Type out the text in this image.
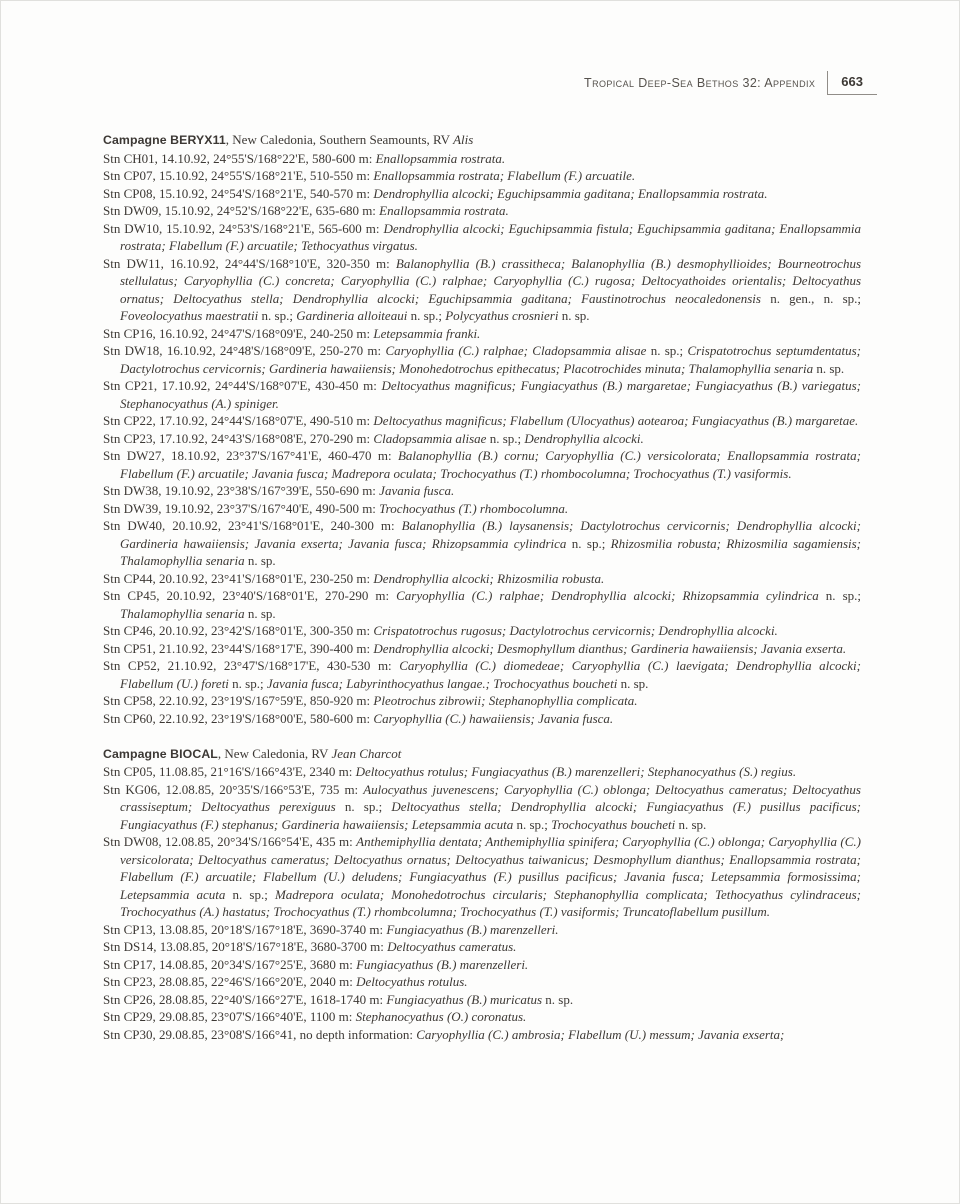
Tropical Deep-Sea Bethos 32: Appendix	663

Campagne BERYX11, New Caledonia, Southern Seamounts, RV Alis

Stn CH01, 14.10.92, 24°55'S/168°22'E, 580-600 m: Enallopsammia rostrata.

Stn CP07, 15.10.92, 24°55'S/168°21'E, 510-550 m: Enallopsammia rostrata; Flabellum (F.) arcuatile.

Stn CP08, 15.10.92, 24°54'S/168°21'E, 540-570 m: Dendrophyllia alcocki; Eguchipsammia gaditana; Enallopsammia rostrata.

Stn DW09, 15.10.92, 24°52'S/168°22'E, 635-680 m: Enallopsammia rostrata.

Stn DW10, 15.10.92, 24°53'S/168°21'E, 565-600 m: Dendrophyllia alcocki; Eguchipsammia fistula; Eguchipsammia gaditana; Enallopsammia rostrata; Flabellum (F.) arcuatile; Tethocyathus virgatus.

Stn DW11, 16.10.92, 24°44'S/168°10'E, 320-350 m: Balanophyllia (B.) crassitheca; Balanophyllia (B.) desmophyllioides; Bourneotrochus stellulatus; Caryophyllia (C.) concreta; Caryophyllia (C.) ralphae; Caryophyllia (C.) rugosa; Deltocyathoides orientalis; Deltocyathus ornatus; Deltocyathus stella; Dendrophyllia alcocki; Eguchipsammia gaditana; Faustinotrochus neocaledonensis n. gen., n. sp.; Foveolocyathus maestratii n. sp.; Gardineria alloiteaui n. sp.; Polycyathus crosnieri n. sp.

Stn CP16, 16.10.92, 24°47'S/168°09'E, 240-250 m: Letepsammia franki.

Stn DW18, 16.10.92, 24°48'S/168°09'E, 250-270 m: Caryophyllia (C.) ralphae; Cladopsammia alisae n. sp.; Crispatotrochus septumdentatus; Dactylotrochus cervicornis; Gardineria hawaiiensis; Monohedotrochus epithecatus; Placotrochides minuta; Thalamophyllia senaria n. sp.

Stn CP21, 17.10.92, 24°44'S/168°07'E, 430-450 m: Deltocyathus magnificus; Fungiacyathus (B.) margaretae; Fungiacyathus (B.) variegatus; Stephanocyathus (A.) spiniger.

Stn CP22, 17.10.92, 24°44'S/168°07'E, 490-510 m: Deltocyathus magnificus; Flabellum (Ulocyathus) aotearoa; Fungiacyathus (B.) margaretae.

Stn CP23, 17.10.92, 24°43'S/168°08'E, 270-290 m: Cladopsammia alisae n. sp.; Dendrophyllia alcocki.

Stn DW27, 18.10.92, 23°37'S/167°41'E, 460-470 m: Balanophyllia (B.) cornu; Caryophyllia (C.) versicolorata; Enallopsammia rostrata; Flabellum (F.) arcuatile; Javania fusca; Madrepora oculata; Trochocyathus (T.) rhombocolumna; Trochocyathus (T.) vasiformis.

Stn DW38, 19.10.92, 23°38'S/167°39'E, 550-690 m: Javania fusca.

Stn DW39, 19.10.92, 23°37'S/167°40'E, 490-500 m: Trochocyathus (T.) rhombocolumna.

Stn DW40, 20.10.92, 23°41'S/168°01'E, 240-300 m: Balanophyllia (B.) laysanensis; Dactylotrochus cervicornis; Dendrophyllia alcocki; Gardineria hawaiiensis; Javania exserta; Javania fusca; Rhizopsammia cylindrica n. sp.; Rhizosmilia robusta; Rhizosmilia sagamiensis; Thalamophyllia senaria n. sp.

Stn CP44, 20.10.92, 23°41'S/168°01'E, 230-250 m: Dendrophyllia alcocki; Rhizosmilia robusta.

Stn CP45, 20.10.92, 23°40'S/168°01'E, 270-290 m: Caryophyllia (C.) ralphae; Dendrophyllia alcocki; Rhizopsammia cylindrica n. sp.; Thalamophyllia senaria n. sp.

Stn CP46, 20.10.92, 23°42'S/168°01'E, 300-350 m: Crispatotrochus rugosus; Dactylotrochus cervicornis; Dendrophyllia alcocki.

Stn CP51, 21.10.92, 23°44'S/168°17'E, 390-400 m: Dendrophyllia alcocki; Desmophyllum dianthus; Gardineria hawaiiensis; Javania exserta.

Stn CP52, 21.10.92, 23°47'S/168°17'E, 430-530 m: Caryophyllia (C.) diomedeae; Caryophyllia (C.) laevigata; Dendrophyllia alcocki; Flabellum (U.) foreti n. sp.; Javania fusca; Labyrinthocyathus langae.; Trochocyathus boucheti n. sp.

Stn CP58, 22.10.92, 23°19'S/167°59'E, 850-920 m: Pleotrochus zibrowii; Stephanophyllia complicata.

Stn CP60, 22.10.92, 23°19'S/168°00'E, 580-600 m: Caryophyllia (C.) hawaiiensis; Javania fusca.

Campagne BIOCAL, New Caledonia, RV Jean Charcot

Stn CP05, 11.08.85, 21°16'S/166°43'E, 2340 m: Deltocyathus rotulus; Fungiacyathus (B.) marenzelleri; Stephanocyathus (S.) regius.

Stn KG06, 12.08.85, 20°35'S/166°53'E, 735 m: Aulocyathus juvenescens; Caryophyllia (C.) oblonga; Deltocyathus cameratus; Deltocyathus crassiseptum; Deltocyathus perexiguus n. sp.; Deltocyathus stella; Dendrophyllia alcocki; Fungiacyathus (F.) pusillus pacificus; Fungiacyathus (F.) stephanus; Gardineria hawaiiensis; Letepsammia acuta n. sp.; Trochocyathus boucheti n. sp.

Stn DW08, 12.08.85, 20°34'S/166°54'E, 435 m: Anthemiphyllia dentata; Anthemiphyllia spinifera; Caryophyllia (C.) oblonga; Caryophyllia (C.) versicolorata; Deltocyathus cameratus; Deltocyathus ornatus; Deltocyathus taiwanicus; Desmophyllum dianthus; Enallopsammia rostrata; Flabellum (F.) arcuatile; Flabellum (U.) deludens; Fungiacyathus (F.) pusillus pacificus; Javania fusca; Letepsammia formosissima; Letepsammia acuta n. sp.; Madrepora oculata; Monohedotrochus circularis; Stephanophyllia complicata; Tethocyathus cylindraceus; Trochocyathus (A.) hastatus; Trochocyathus (T.) rhombcolumna; Trochocyathus (T.) vasiformis; Truncatoflabellum pusillum.

Stn CP13, 13.08.85, 20°18'S/167°18'E, 3690-3740 m: Fungiacyathus (B.) marenzelleri.

Stn DS14, 13.08.85, 20°18'S/167°18'E, 3680-3700 m: Deltocyathus cameratus.

Stn CP17, 14.08.85, 20°34'S/167°25'E, 3680 m: Fungiacyathus (B.) marenzelleri.

Stn CP23, 28.08.85, 22°46'S/166°20'E, 2040 m: Deltocyathus rotulus.

Stn CP26, 28.08.85, 22°40'S/166°27'E, 1618-1740 m: Fungiacyathus (B.) muricatus n. sp.

Stn CP29, 29.08.85, 23°07'S/166°40'E, 1100 m: Stephanocyathus (O.) coronatus.

Stn CP30, 29.08.85, 23°08'S/166°41, no depth information: Caryophyllia (C.) ambrosia; Flabellum (U.) messum; Javania exserta;
